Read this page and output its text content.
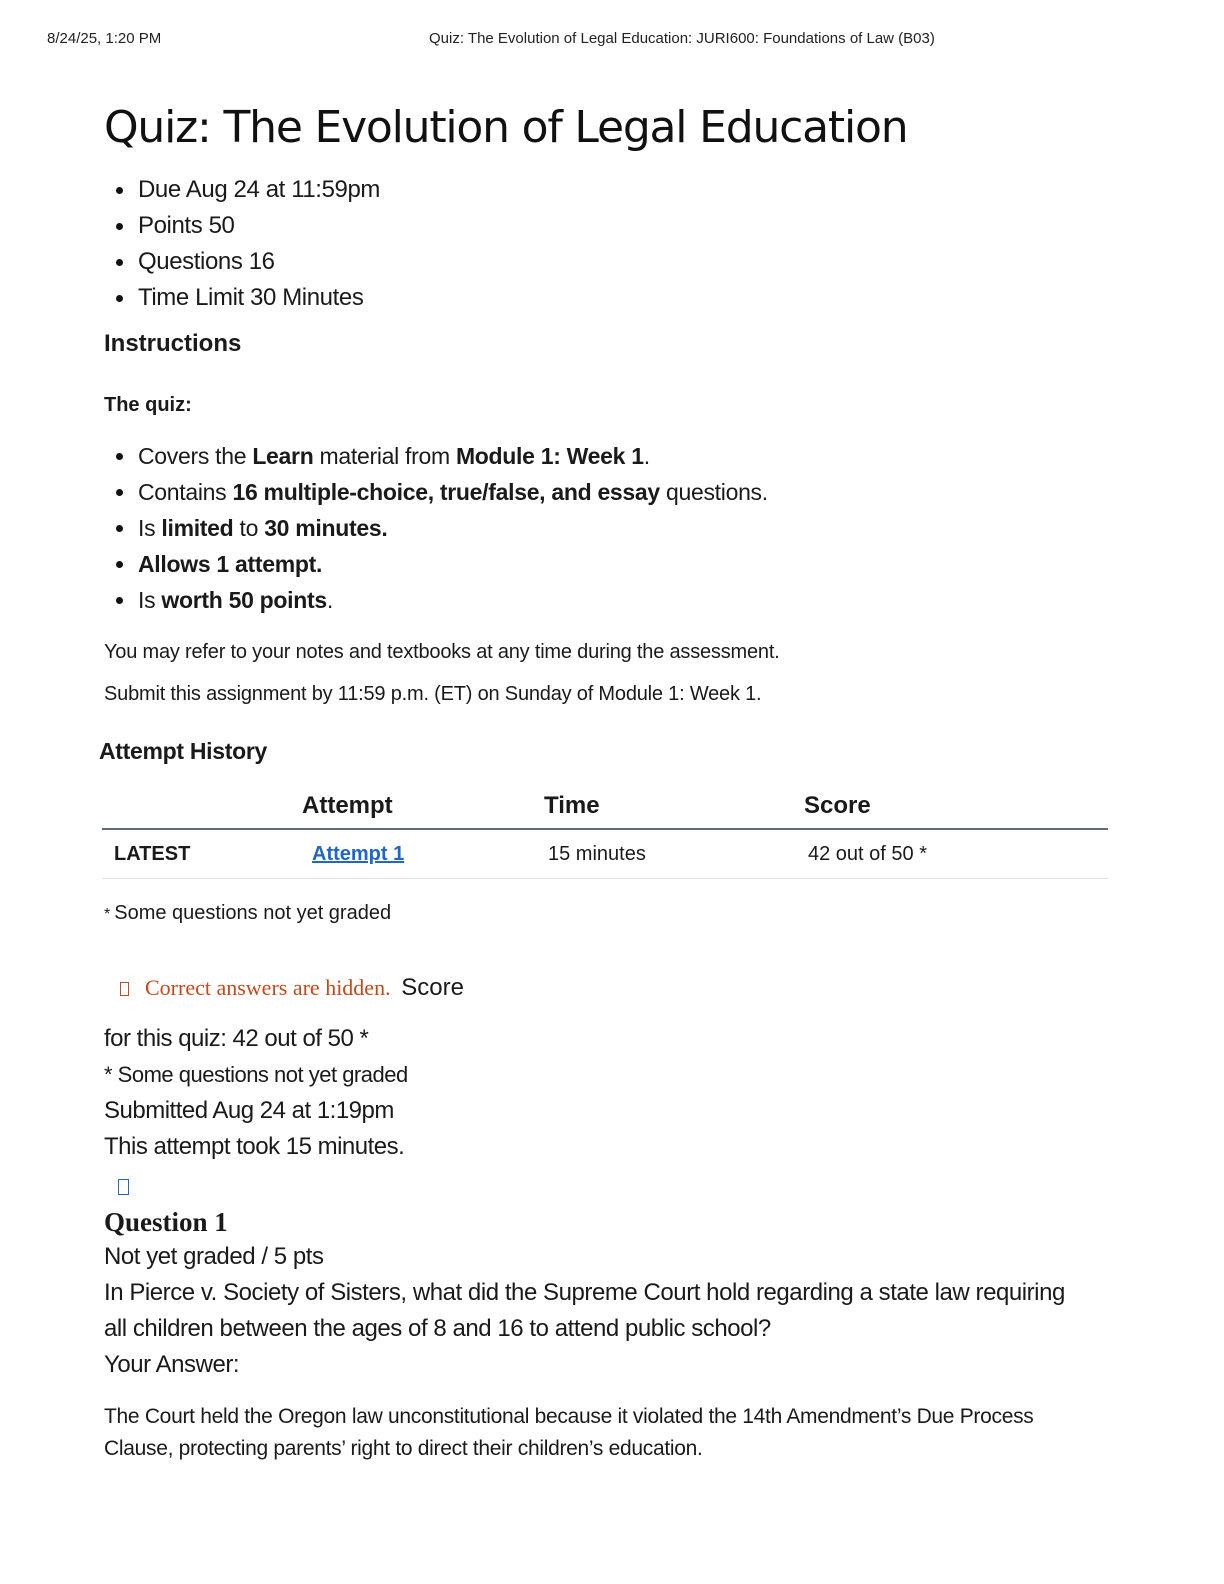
8/24/25, 1:20 PM	Quiz: The Evolution of Legal Education: JURI600: Foundations of Law (B03)
Quiz: The Evolution of Legal Education
Due Aug 24 at 11:59pm
Points 50
Questions 16
Time Limit 30 Minutes
Instructions
The quiz:
Covers the Learn material from Module 1: Week 1.
Contains 16 multiple-choice, true/false, and essay questions.
Is limited to 30 minutes.
Allows 1 attempt.
Is worth 50 points.
You may refer to your notes and textbooks at any time during the assessment.
Submit this assignment by 11:59 p.m. (ET) on Sunday of Module 1: Week 1.
Attempt History
	Attempt	Time	Score
LATEST	Attempt 1	15 minutes	42 out of 50 *
* Some questions not yet graded
Correct answers are hidden. Score
for this quiz: 42 out of 50 *
* Some questions not yet graded
Submitted Aug 24 at 1:19pm
This attempt took 15 minutes.
Question 1
Not yet graded / 5 pts
In Pierce v. Society of Sisters, what did the Supreme Court hold regarding a state law requiring
all children between the ages of 8 and 16 to attend public school?
Your Answer:
The Court held the Oregon law unconstitutional because it violated the 14th Amendment’s Due Process
Clause, protecting parents’ right to direct their children’s education.
